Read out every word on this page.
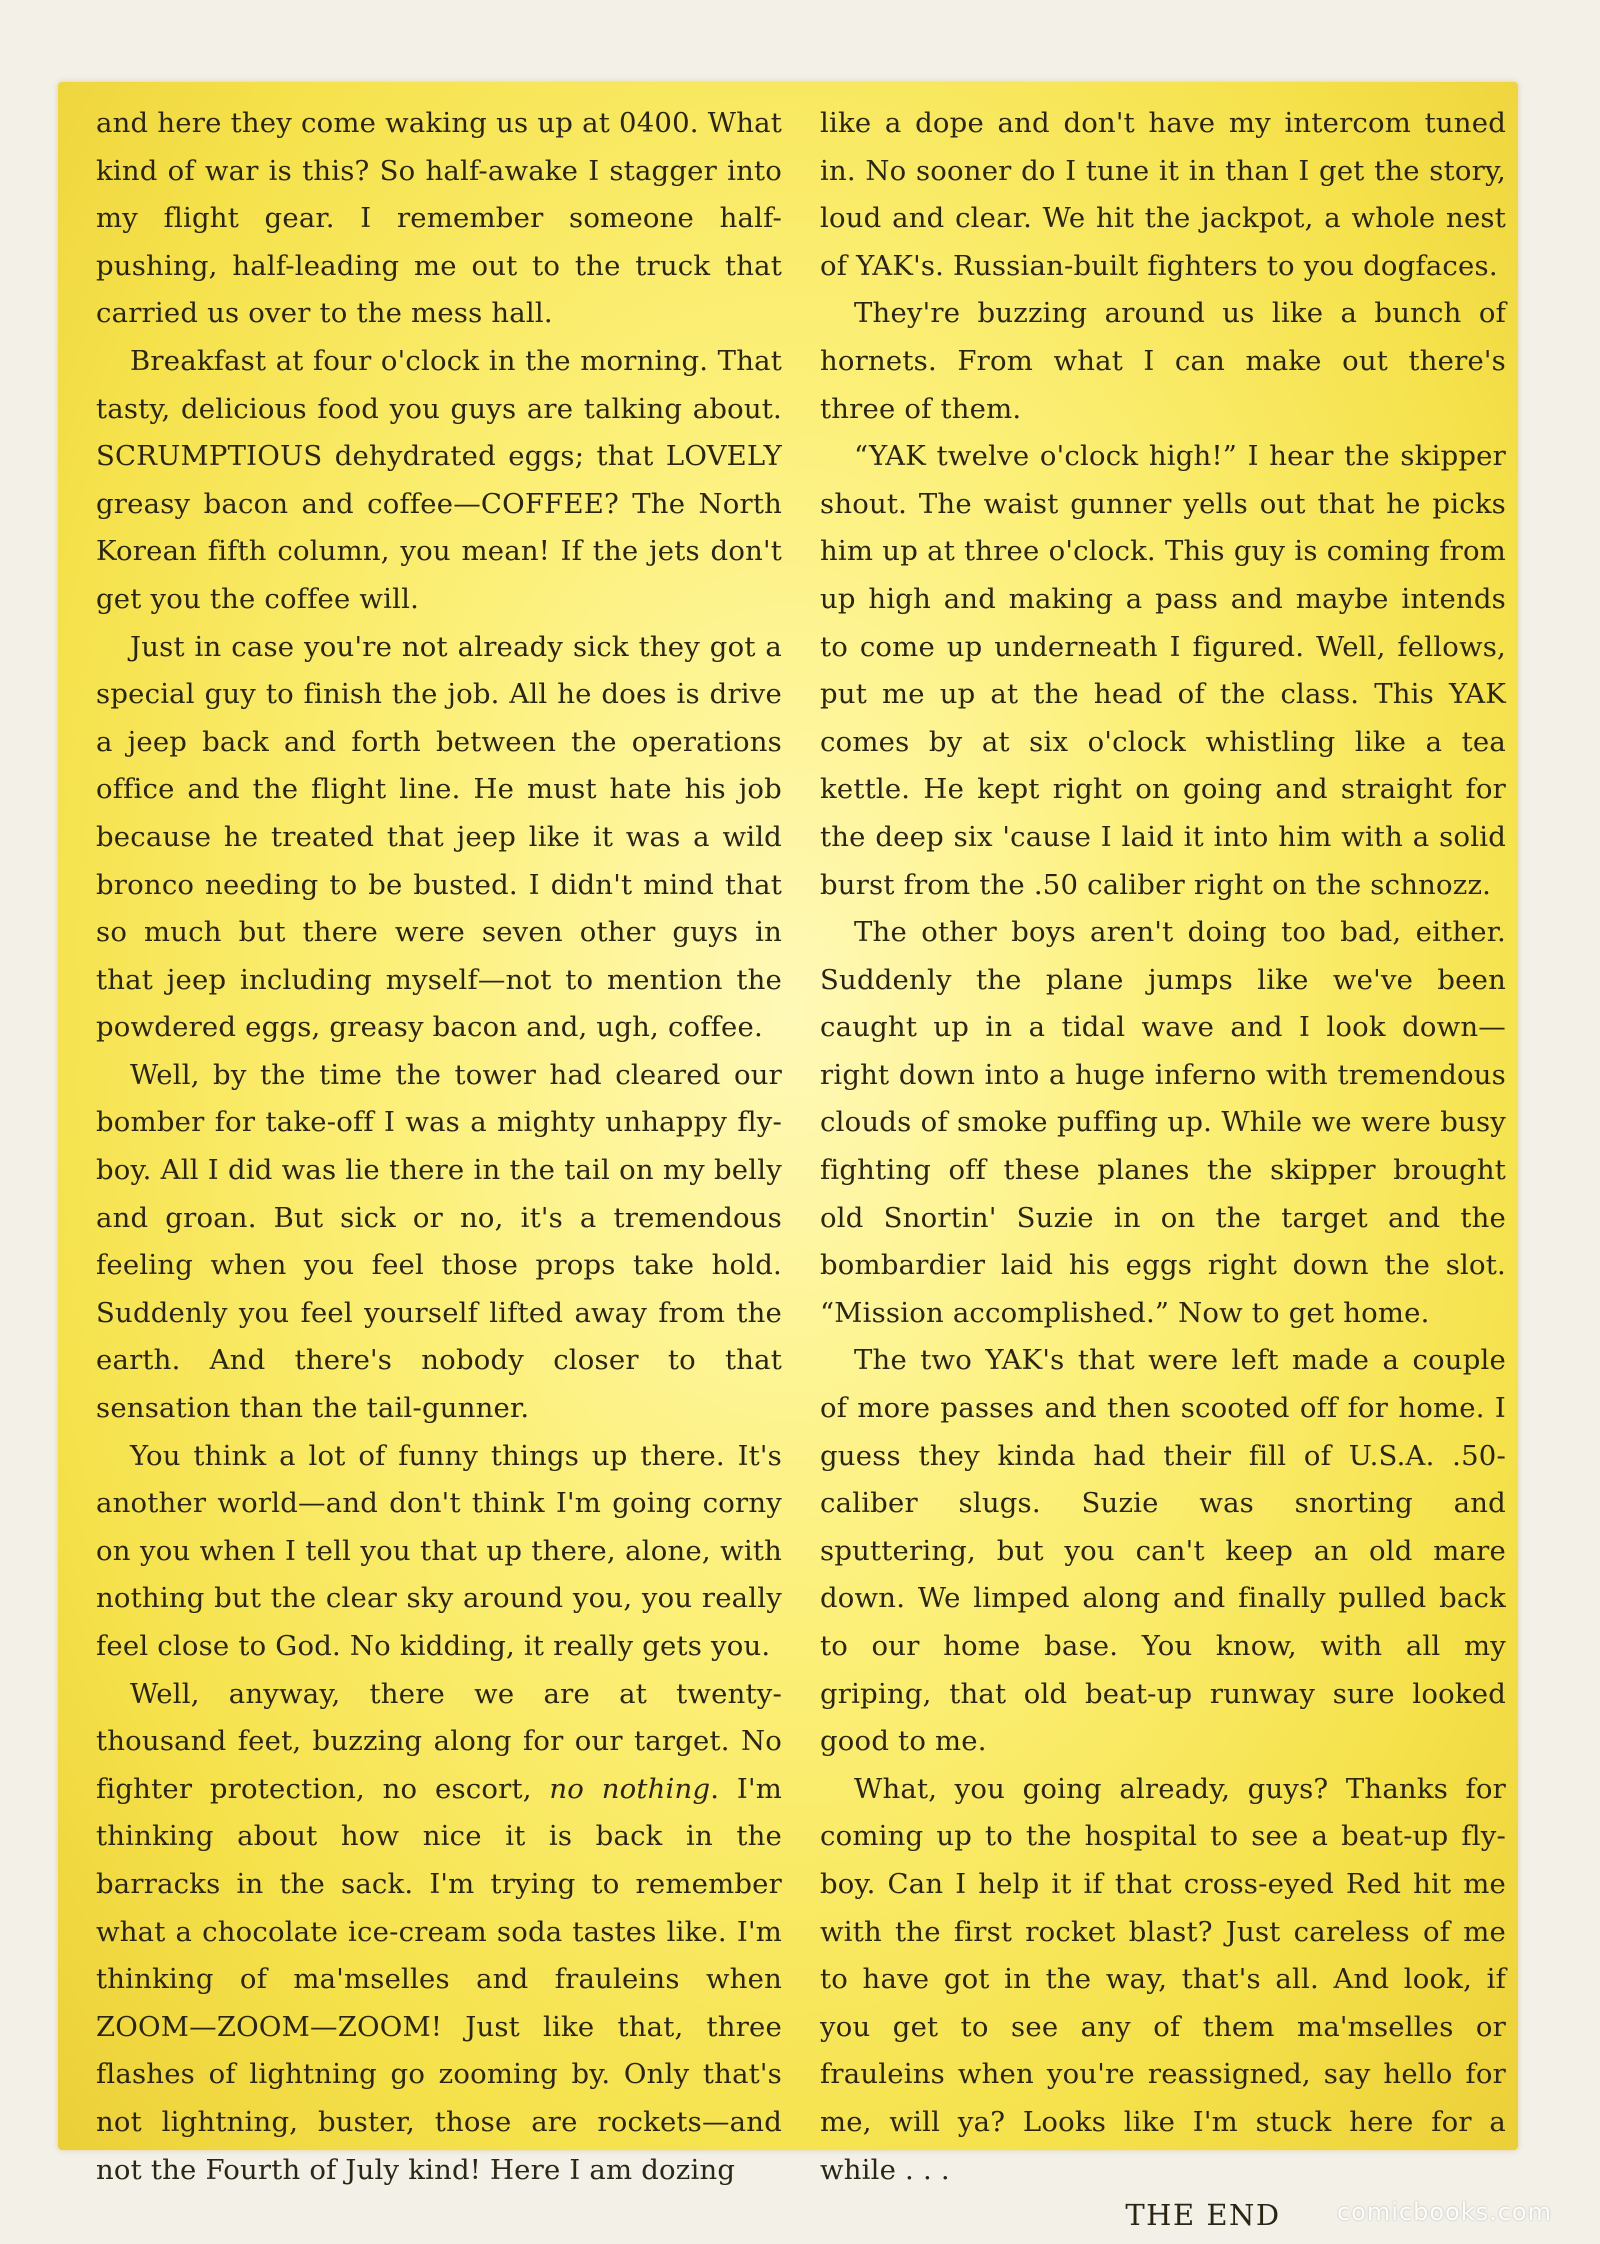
and here they come waking us up at 0400. What kind of war is this? So half-awake I stagger into my flight gear. I remember someone half-pushing, half-leading me out to the truck that carried us over to the mess hall.

Breakfast at four o'clock in the morning. That tasty, delicious food you guys are talking about. SCRUMPTIOUS dehydrated eggs; that LOVELY greasy bacon and coffee—COFFEE? The North Korean fifth column, you mean! If the jets don't get you the coffee will.

Just in case you're not already sick they got a special guy to finish the job. All he does is drive a jeep back and forth between the operations office and the flight line. He must hate his job because he treated that jeep like it was a wild bronco needing to be busted. I didn't mind that so much but there were seven other guys in that jeep including myself—not to mention the powdered eggs, greasy bacon and, ugh, coffee.

Well, by the time the tower had cleared our bomber for take-off I was a mighty unhappy fly-boy. All I did was lie there in the tail on my belly and groan. But sick or no, it's a tremendous feeling when you feel those props take hold. Suddenly you feel yourself lifted away from the earth. And there's nobody closer to that sensation than the tail-gunner.

You think a lot of funny things up there. It's another world—and don't think I'm going corny on you when I tell you that up there, alone, with nothing but the clear sky around you, you really feel close to God. No kidding, it really gets you.

Well, anyway, there we are at twenty-thousand feet, buzzing along for our target. No fighter protection, no escort, no nothing. I'm thinking about how nice it is back in the barracks in the sack. I'm trying to remember what a chocolate ice-cream soda tastes like. I'm thinking of ma'mselles and frauleins when ZOOM—ZOOM—ZOOM! Just like that, three flashes of lightning go zooming by. Only that's not lightning, buster, those are rockets—and not the Fourth of July kind! Here I am dozing

like a dope and don't have my intercom tuned in. No sooner do I tune it in than I get the story, loud and clear. We hit the jackpot, a whole nest of YAK's. Russian-built fighters to you dogfaces.

They're buzzing around us like a bunch of hornets. From what I can make out there's three of them.

“YAK twelve o'clock high!” I hear the skipper shout. The waist gunner yells out that he picks him up at three o'clock. This guy is coming from up high and making a pass and maybe intends to come up underneath I figured. Well, fellows, put me up at the head of the class. This YAK comes by at six o'clock whistling like a tea kettle. He kept right on going and straight for the deep six 'cause I laid it into him with a solid burst from the .50 caliber right on the schnozz.

The other boys aren't doing too bad, either. Suddenly the plane jumps like we've been caught up in a tidal wave and I look down—right down into a huge inferno with tremendous clouds of smoke puffing up. While we were busy fighting off these planes the skipper brought old Snortin' Suzie in on the target and the bombardier laid his eggs right down the slot. “Mission accomplished.” Now to get home.

The two YAK's that were left made a couple of more passes and then scooted off for home. I guess they kinda had their fill of U.S.A. .50-caliber slugs. Suzie was snorting and sputtering, but you can't keep an old mare down. We limped along and finally pulled back to our home base. You know, with all my griping, that old beat-up runway sure looked good to me.

What, you going already, guys? Thanks for coming up to the hospital to see a beat-up fly-boy. Can I help it if that cross-eyed Red hit me with the first rocket blast? Just careless of me to have got in the way, that's all. And look, if you get to see any of them ma'mselles or frauleins when you're reassigned, say hello for me, will ya? Looks like I'm stuck here for a while . . .

THE END	comicbooks.com
